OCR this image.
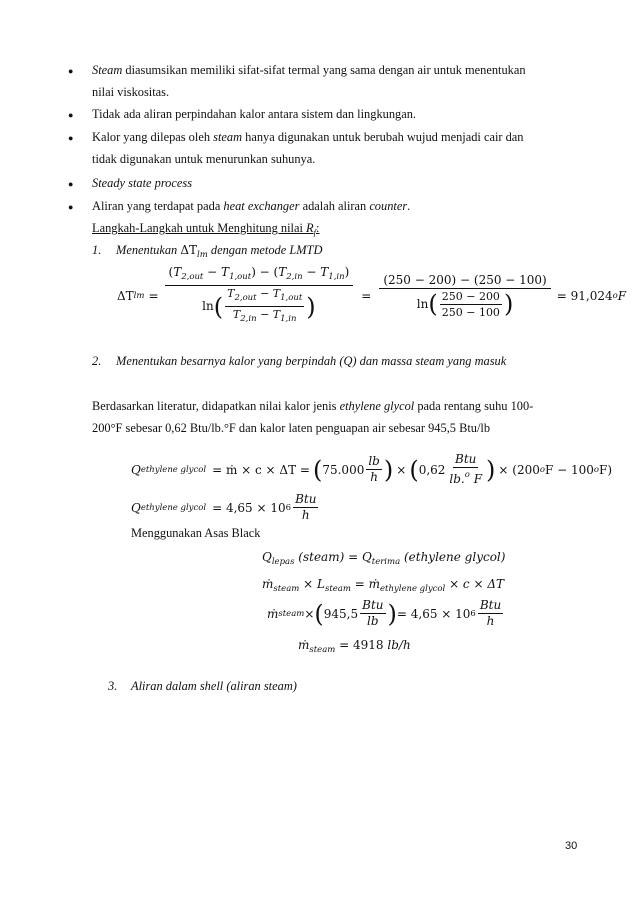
● Steam diasumsikan memiliki sifat-sifat termal yang sama dengan air untuk menentukan
nilai viskositas.
● Tidak ada aliran perpindahan kalor antara sistem dan lingkungan.
● Kalor yang dilepas oleh steam hanya digunakan untuk berubah wujud menjadi cair dan
tidak digunakan untuk menurunkan suhunya.
● Steady state process
● Aliran yang terdapat pada heat exchanger adalah aliran counter.
Langkah-Langkah untuk Menghitung nilai $R_f$:
1. Menentukan $\Delta T_{lm}$ dengan metode LMTD
ΔT lm =
$(T_{2,out} - T_{1,out}) - (T_{2,in} - T_{1,in})$
ln ( $\frac{T_{2,out} - T_{1,out}}{T_{2,in} - T_{1,in}}$ )	=
(250 − 200) − (250 − 100)
ln ( $\frac{250 - 200}{250 - 100}$ )	= 91,024 o F
2. Menentukan besarnya kalor yang berpindah (Q) dan massa steam yang masuk
Berdasarkan literatur, didapatkan nilai kalor jenis ethylene glycol pada rentang suhu 100-
200°F sebesar 0,62 Btu/lb.°F dan kalor laten penguapan air sebesar 945,5 Btu/lb
Q ethylene glycol = ṁ × c × ΔT = ( $75.000 \frac{lb}{h}$ ) × ( $0,62 \frac{\text{Btu}}{lb.^o F}$ ) × (200 o F − 100 o F)
Q ethylene glycol = 4,65 × 10 $6 \frac{\text{Btu}}{h}$
Menggunakan Asas Black
$Q_{lepas}$ (steam) = $Q_{terima}$ (ethylene glycol)
ṁ$_{steam}$ × $L_{steam}$ = ṁ$_{ethylene glycol}$ × c × ΔT
ṁ steam × ( $945,5 \frac{\text{Btu}}{lb}$ ) = 4,65 × 10 $6 \frac{\text{Btu}}{h}$
ṁ$_{steam}$ = 4918 lb/h
3. Aliran dalam shell (aliran steam)
30
